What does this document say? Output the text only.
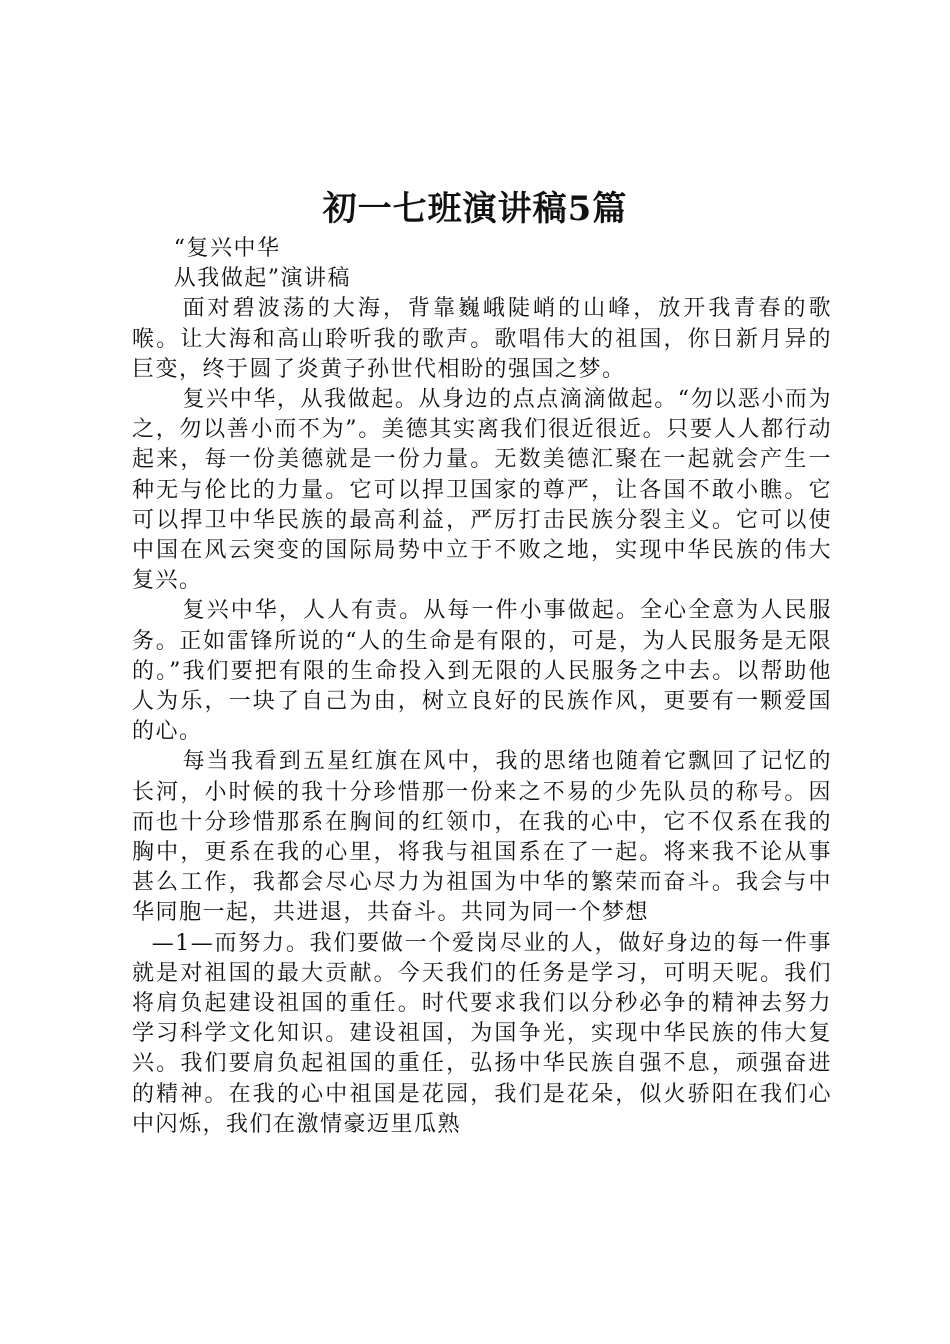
初一七班演讲稿5篇

“复兴中华

从我做起”演讲稿

面对碧波荡的大海，背靠巍峨陡峭的山峰，放开我青春的歌喉。让大海和高山聆听我的歌声。歌唱伟大的祖国，你日新月异的巨变，终于圆了炎黄子孙世代相盼的强国之梦。

复兴中华，从我做起。从身边的点点滴滴做起。“勿以恶小而为之，勿以善小而不为”。美德其实离我们很近很近。只要人人都行动起来，每一份美德就是一份力量。无数美德汇聚在一起就会产生一种无与伦比的力量。它可以捍卫国家的尊严，让各国不敢小瞧。它可以捍卫中华民族的最高利益，严厉打击民族分裂主义。它可以使中国在风云突变的国际局势中立于不败之地，实现中华民族的伟大复兴。

复兴中华，人人有责。从每一件小事做起。全心全意为人民服务。正如雷锋所说的“人的生命是有限的，可是，为人民服务是无限的。”我们要把有限的生命投入到无限的人民服务之中去。以帮助他人为乐，一块了自己为由，树立良好的民族作风，更要有一颗爱国的心。

每当我看到五星红旗在风中，我的思绪也随着它飘回了记忆的长河，小时候的我十分珍惜那一份来之不易的少先队员的称号。因而也十分珍惜那系在胸间的红领巾，在我的心中，它不仅系在我的胸中，更系在我的心里，将我与祖国系在了一起。将来我不论从事甚么工作，我都会尽心尽力为祖国为中华的繁荣而奋斗。我会与中华同胞一起，共进退，共奋斗。共同为同一个梦想

—1—而努力。我们要做一个爱岗尽业的人，做好身边的每一件事就是对祖国的最大贡献。今天我们的任务是学习，可明天呢。我们将肩负起建设祖国的重任。时代要求我们以分秒必争的精神去努力学习科学文化知识。建设祖国，为国争光，实现中华民族的伟大复兴。我们要肩负起祖国的重任，弘扬中华民族自强不息，顽强奋进的精神。在我的心中祖国是花园，我们是花朵，似火骄阳在我们心中闪烁，我们在激情豪迈里瓜熟
